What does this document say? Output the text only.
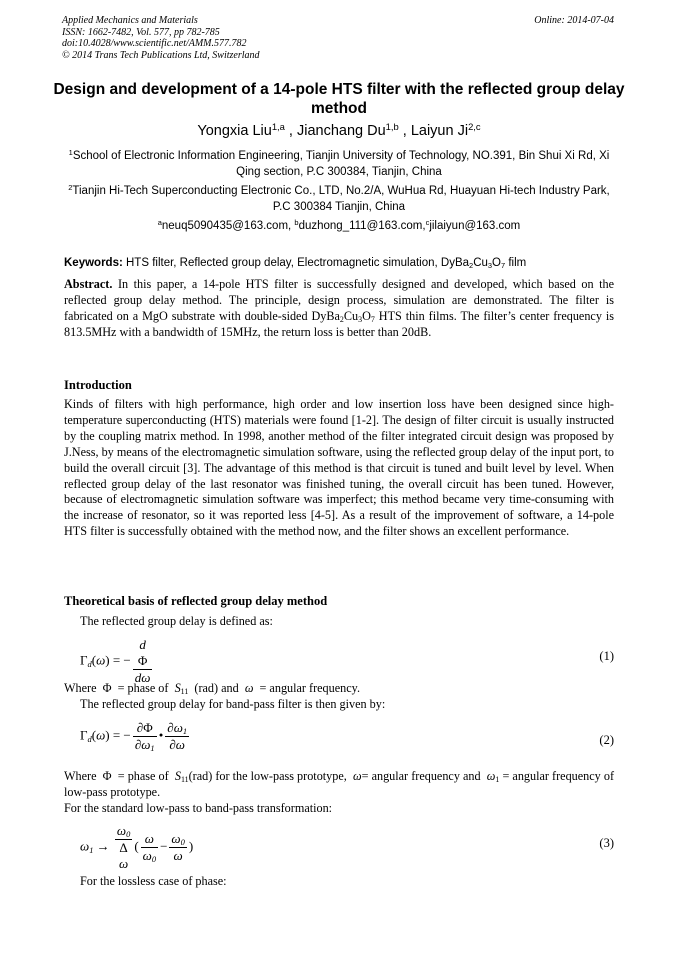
Applied Mechanics and Materials
ISSN: 1662-7482, Vol. 577, pp 782-785
doi:10.4028/www.scientific.net/AMM.577.782
© 2014 Trans Tech Publications Ltd, Switzerland
Online: 2014-07-04
Design and development of a 14-pole HTS filter with the reflected group delay method
Yongxia Liu$^{1,a}$ , Jianchang Du$^{1,b}$ , Laiyun Ji$^{2,c}$
$^1$School of Electronic Information Engineering, Tianjin University of Technology, NO.391, Bin Shui Xi Rd, Xi Qing section, P.C 300384, Tianjin, China
$^2$Tianjin Hi-Tech Superconducting Electronic Co., LTD, No.2/A, WuHua Rd, Huayuan Hi-tech Industry Park, P.C 300384 Tianjin, China
$^a$neuq5090435@163.com, $^b$duzhong_111@163.com,$^c$jilaiyun@163.com
Keywords: HTS filter, Reflected group delay, Electromagnetic simulation, $DyBa_2Cu_3O_7$ film
Abstract. In this paper, a 14-pole HTS filter is successfully designed and developed, which based on the reflected group delay method. The principle, design process, simulation are demonstrated. The filter is fabricated on a MgO substrate with double-sided $DyBa_2Cu_3O_7$ HTS thin films. The filter’s center frequency is 813.5MHz with a bandwidth of 15MHz, the return loss is better than 20dB.
Introduction
Kinds of filters with high performance, high order and low insertion loss have been designed since high-temperature superconducting (HTS) materials were found [1-2]. The design of filter circuit is usually instructed by the coupling matrix method. In 1998, another method of the filter integrated circuit design was proposed by J.Ness, by means of the electromagnetic simulation software, using the reflected group delay of the input port, to build the overall circuit [3]. The advantage of this method is that circuit is tuned and built level by level. When reflected group delay of the last resonator was finished tuning, the overall circuit has been tuned. However, because of electromagnetic simulation software was imperfect; this method became very time-consuming with the increase of resonator, so it was reported less [4-5]. As a result of the improvement of software, a 14-pole HTS filter is successfully obtained with the method now, and the filter shows an excellent performance.
Theoretical basis of reflected group delay method
The reflected group delay is defined as:
$\Gamma_d(\omega)$ = − d
Φ
dω	(1)
Where  Φ  = phase of $S_{11}$ (rad) and ω = angular frequency.
The reflected group delay for band-pass filter is then given by:
$\Gamma_d(\omega)$ = − $\frac{\partial\Phi}{\partial\omega_1}$ • $\frac{\partial\omega_1}{\partial\omega}$	(2)
Where  Φ  = phase of $S_{11}(rad)$ for the low-pass prototype, ω= angular frequency and $\omega_1$ = angular frequency of low-pass prototype.
For the standard low-pass to band-pass transformation:
$\omega_1 \to \omega_0$
Δ
ω ( $\frac{\omega}{\omega_0} - \frac{\omega_0}{\omega}$ )	(3)
For the lossless case of phase:
